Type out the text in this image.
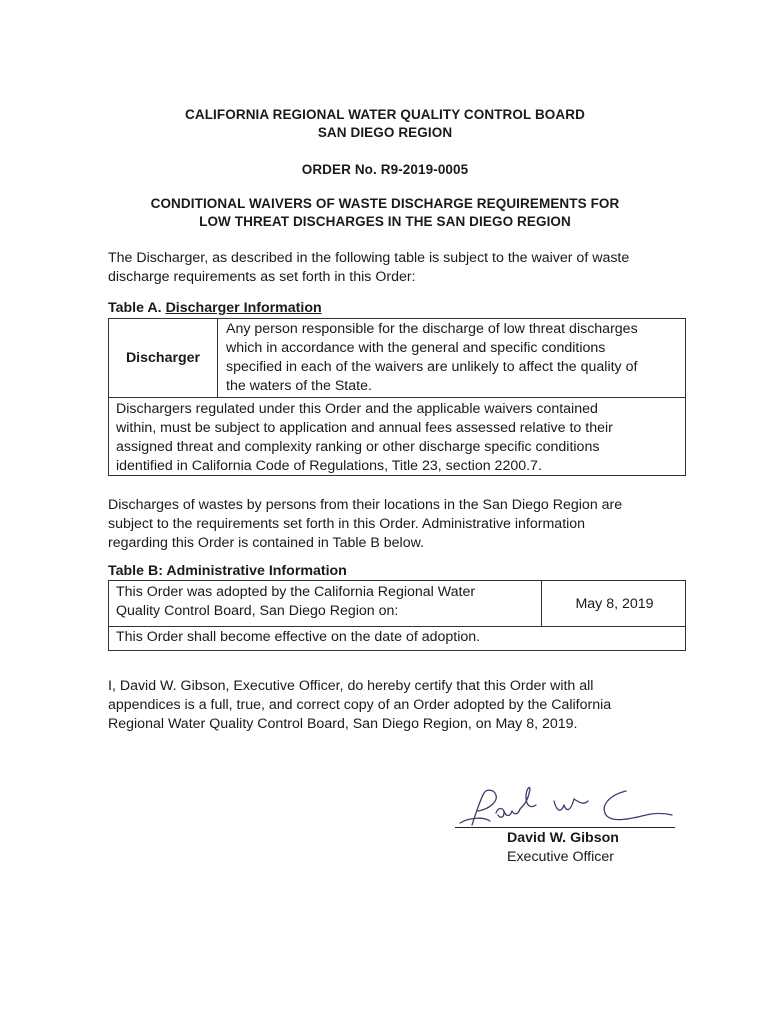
CALIFORNIA REGIONAL WATER QUALITY CONTROL BOARD
SAN DIEGO REGION
ORDER No. R9-2019-0005
CONDITIONAL WAIVERS OF WASTE DISCHARGE REQUIREMENTS FOR
LOW THREAT DISCHARGES IN THE SAN DIEGO REGION
The Discharger, as described in the following table is subject to the waiver of waste
discharge requirements as set forth in this Order:
Table A. Discharger Information
Discharger
Any person responsible for the discharge of low threat discharges
which in accordance with the general and specific conditions
specified in each of the waivers are unlikely to affect the quality of
the waters of the State.
Dischargers regulated under this Order and the applicable waivers contained
within, must be subject to application and annual fees assessed relative to their
assigned threat and complexity ranking or other discharge specific conditions
identified in California Code of Regulations, Title 23, section 2200.7.
Discharges of wastes by persons from their locations in the San Diego Region are
subject to the requirements set forth in this Order. Administrative information
regarding this Order is contained in Table B below.
Table B: Administrative Information
This Order was adopted by the California Regional Water
Quality Control Board, San Diego Region on:	May 8, 2019
This Order shall become effective on the date of adoption.
I, David W. Gibson, Executive Officer, do hereby certify that this Order with all
appendices is a full, true, and correct copy of an Order adopted by the California
Regional Water Quality Control Board, San Diego Region, on May 8, 2019.
David W. Gibson
Executive Officer
